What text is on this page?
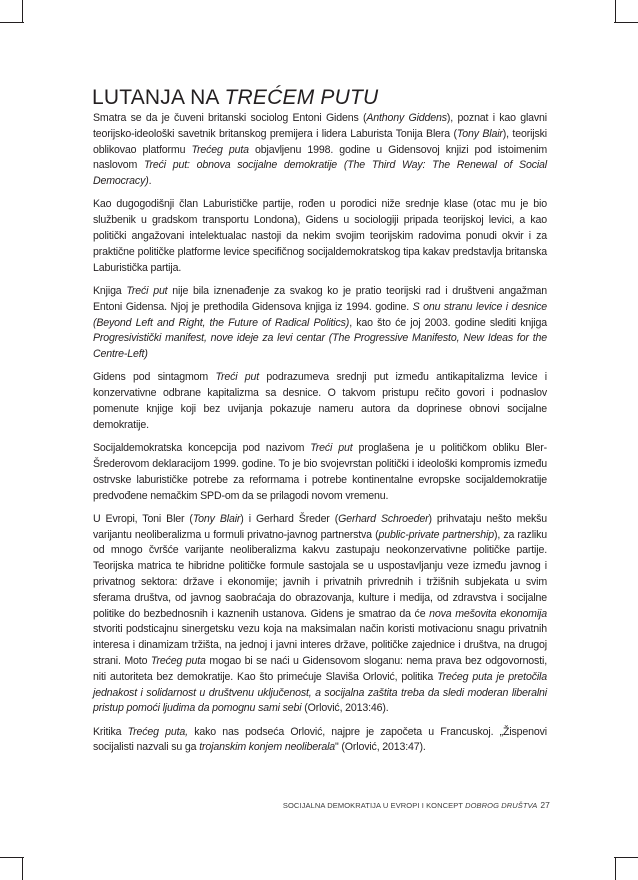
LUTANJA NA TREĆEM PUTU

Smatra se da je čuveni britanski sociolog Entoni Gidens (Anthony Giddens), poznat i kao glavni teorijsko-ideološki savetnik britanskog premijera i lidera Laburista Tonija Blera (Tony Blair), teorijski oblikovao platformu Trećeg puta objavljenu 1998. godine u Gidensovoj knjizi pod istoimenim naslovom Treći put: obnova socijalne demokratije (The Third Way: The Renewal of Social Democracy).

Kao dugogodišnji član Laburističke partije, rođen u porodici niže srednje klase (otac mu je bio službenik u gradskom transportu Londona), Gidens u sociologiji pripada teorijskoj levici, a kao politički angažovani intelektualac nastoji da nekim svojim teorijskim radovima ponudi okvir i za praktične političke platforme levice specifičnog socijaldemokratskog tipa kakav predstavlja britanska Laburistička partija.

Knjiga Treći put nije bila iznenađenje za svakog ko je pratio teorijski rad i društveni angažman Entoni Gidensa. Njoj je prethodila Gidensova knjiga iz 1994. godine. S onu stranu levice i desnice (Beyond Left and Right, the Future of Radical Politics), kao što će joj 2003. godine slediti knjiga Progresivistički manifest, nove ideje za levi centar (The Progressive Manifesto, New Ideas for the Centre-Left)

Gidens pod sintagmom Treći put podrazumeva srednji put između antikapitalizma levice i konzervativne odbrane kapitalizma sa desnice. O takvom pristupu rečito govori i podnaslov pomenute knjige koji bez uvijanja pokazuje nameru autora da doprinese obnovi socijalne demokratije.

Socijaldemokratska koncepcija pod nazivom Treći put proglašena je u političkom obliku Bler-Šrederovom deklaracijom 1999. godine. To je bio svojevrstan politički i ideološki kompromis između ostrvske laburističke potrebe za reformama i potrebe kontinentalne evropske socijaldemokratije predvođene nemačkim SPD-om da se prilagodi novom vremenu.

U Evropi, Toni Bler (Tony Blair) i Gerhard Šreder (Gerhard Schroeder) prihvataju nešto mekšu varijantu neoliberalizma u formuli privatno-javnog partnerstva (public-private partnership), za razliku od mnogo čvršće varijante neoliberalizma kakvu zastupaju neokonzervativne političke partije. Teorijska matrica te hibridne političke formule sastojala se u uspostavljanju veze između javnog i privatnog sektora: države i ekonomije; javnih i privatnih privrednih i tržišnih subjekata u svim sferama društva, od javnog saobraćaja do obrazovanja, kulture i medija, od zdravstva i socijalne politike do bezbednosnih i kaznenih ustanova. Gidens je smatrao da će nova mešovita ekonomija stvoriti podsticajnu sinergetsku vezu koja na maksimalan način koristi motivacionu snagu privatnih interesa i dinamizam tržišta, na jednoj i javni interes države, političke zajednice i društva, na drugoj strani. Moto Trećeg puta mogao bi se naći u Gidensovom sloganu: nema prava bez odgovornosti, niti autoriteta bez demokratije. Kao što primećuje Slaviša Orlović, politika Trećeg puta je pretočila jednakost i solidarnost u društvenu uključenost, a socijalna zaštita treba da sledi moderan liberalni pristup pomoći ljudima da pomognu sami sebi (Orlović, 2013:46).

Kritika Trećeg puta, kako nas podseća Orlović, najpre je započeta u Francuskoj. „Žispenovi socijalisti nazvali su ga trojanskim konjem neoliberala" (Orlović, 2013:47).

SOCIJALNA DEMOKRATIJA U EVROPI I KONCEPT DOBROG DRUŠTVA 27
